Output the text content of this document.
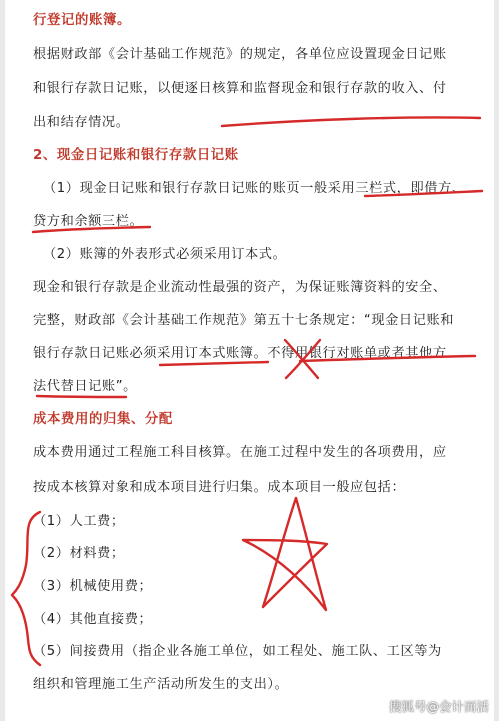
行登记的账簿。
根据财政部《会计基础工作规范》的规定，各单位应设置现金日记账
和银行存款日记账，以便逐日核算和监督现金和银行存款的收入、付
出和结存情况。
2、现金日记账和银行存款日记账
（1）现金日记账和银行存款日记账的账页一般采用三栏式，即借方、
贷方和余额三栏。
（2）账簿的外表形式必须采用订本式。
现金和银行存款是企业流动性最强的资产，为保证账簿资料的安全、
完整，财政部《会计基础工作规范》第五十七条规定：“现金日记账和
银行存款日记账必须采用订本式账簿。不得用银行对账单或者其他方
法代替日记账”。
成本费用的归集、分配
成本费用通过工程施工科目核算。在施工过程中发生的各项费用，应
按成本核算对象和成本项目进行归集。成本项目一般应包括：
（1）人工费；
（2）材料费；
（3）机械使用费；
（4）其他直接费；
（5）间接费用（指企业各施工单位，如工程处、施工队、工区等为
组织和管理施工生产活动所发生的支出）。
搜狐号@会计而活
